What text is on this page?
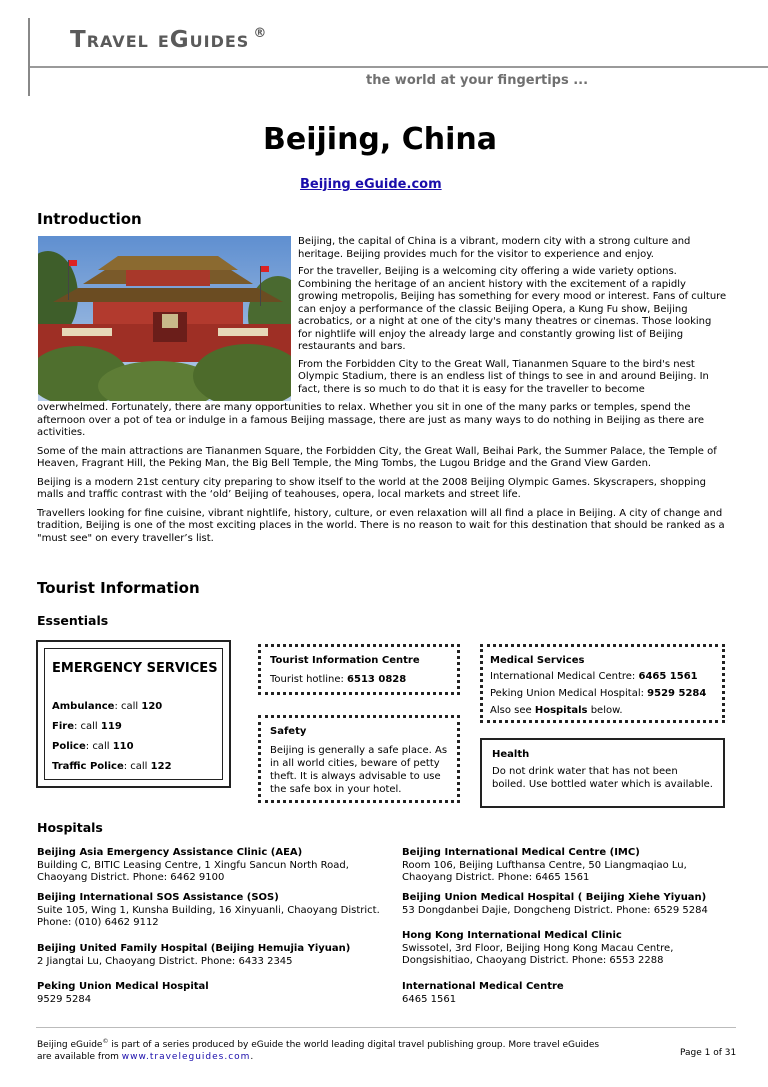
Travel eGuides ®
the world at your fingertips ...
Beijing, China
Beijing eGuide.com
Introduction

Beijing, the capital of China is a vibrant, modern city with a strong culture and heritage. Beijing provides much for the visitor to experience and enjoy.

For the traveller, Beijing is a welcoming city offering a wide variety options. Combining the heritage of an ancient history with the excitement of a rapidly growing metropolis, Beijing has something for every mood or interest. Fans of culture can enjoy a performance of the classic Beijing Opera, a Kung Fu show, Beijing acrobatics, or a night at one of the city's many theatres or cinemas. Those looking for nightlife will enjoy the already large and constantly growing list of Beijing restaurants and bars.

From the Forbidden City to the Great Wall, Tiananmen Square to the bird's nest Olympic Stadium, there is an endless list of things to see in and around Beijing. In fact, there is so much to do that it is easy for the traveller to become

overwhelmed. Fortunately, there are many opportunities to relax. Whether you sit in one of the many parks or temples, spend the afternoon over a pot of tea or indulge in a famous Beijing massage, there are just as many ways to do nothing in Beijing as there are activities.

Some of the main attractions are Tiananmen Square, the Forbidden City, the Great Wall, Beihai Park, the Summer Palace, the Temple of Heaven, Fragrant Hill, the Peking Man, the Big Bell Temple, the Ming Tombs, the Lugou Bridge and the Grand View Garden.

Beijing is a modern 21st century city preparing to show itself to the world at the 2008 Beijing Olympic Games. Skyscrapers, shopping malls and traffic contrast with the ‘old’ Beijing of teahouses, opera, local markets and street life.

Travellers looking for fine cuisine, vibrant nightlife, history, culture, or even relaxation will all find a place in Beijing. A city of change and tradition, Beijing is one of the most exciting places in the world. There is no reason to wait for this destination that should be ranked as a "must see" on every traveller’s list.

Tourist Information
Essentials
EMERGENCY SERVICES
Ambulance: call 120
Fire: call 119
Police: call 110
Traffic Police: call 122
Tourist Information Centre
Tourist hotline: 6513 0828
Safety
Beijing is generally a safe place. As in all world cities, beware of petty theft. It is always advisable to use the safe box in your hotel.
Medical Services
International Medical Centre: 6465 1561
Peking Union Medical Hospital: 9529 5284
Also see Hospitals below.
Health
Do not drink water that has not been boiled. Use bottled water which is available.
Hospitals
Beijing Asia Emergency Assistance Clinic (AEA)
Building C, BITIC Leasing Centre, 1 Xingfu Sancun North Road, Chaoyang District. Phone: 6462 9100
Beijing International SOS Assistance (SOS)
Suite 105, Wing 1, Kunsha Building, 16 Xinyuanli, Chaoyang District. Phone: (010) 6462 9112
Beijing United Family Hospital (Beijing Hemujia Yiyuan)
2 Jiangtai Lu, Chaoyang District. Phone: 6433 2345
Peking Union Medical Hospital
9529 5284
Beijing International Medical Centre (IMC)
Room 106, Beijing Lufthansa Centre, 50 Liangmaqiao Lu, Chaoyang District. Phone: 6465 1561
Beijing Union Medical Hospital ( Beijing Xiehe Yiyuan)
53 Dongdanbei Dajie, Dongcheng District. Phone: 6529 5284
Hong Kong International Medical Clinic
Swissotel, 3rd Floor, Beijing Hong Kong Macau Centre, Dongsishitiao, Chaoyang District. Phone: 6553 2288
International Medical Centre
6465 1561
Beijing eGuide© is part of a series produced by eGuide the world leading digital travel publishing group. More travel eGuides
are available from www.traveleguides.com.	Page 1 of 31
